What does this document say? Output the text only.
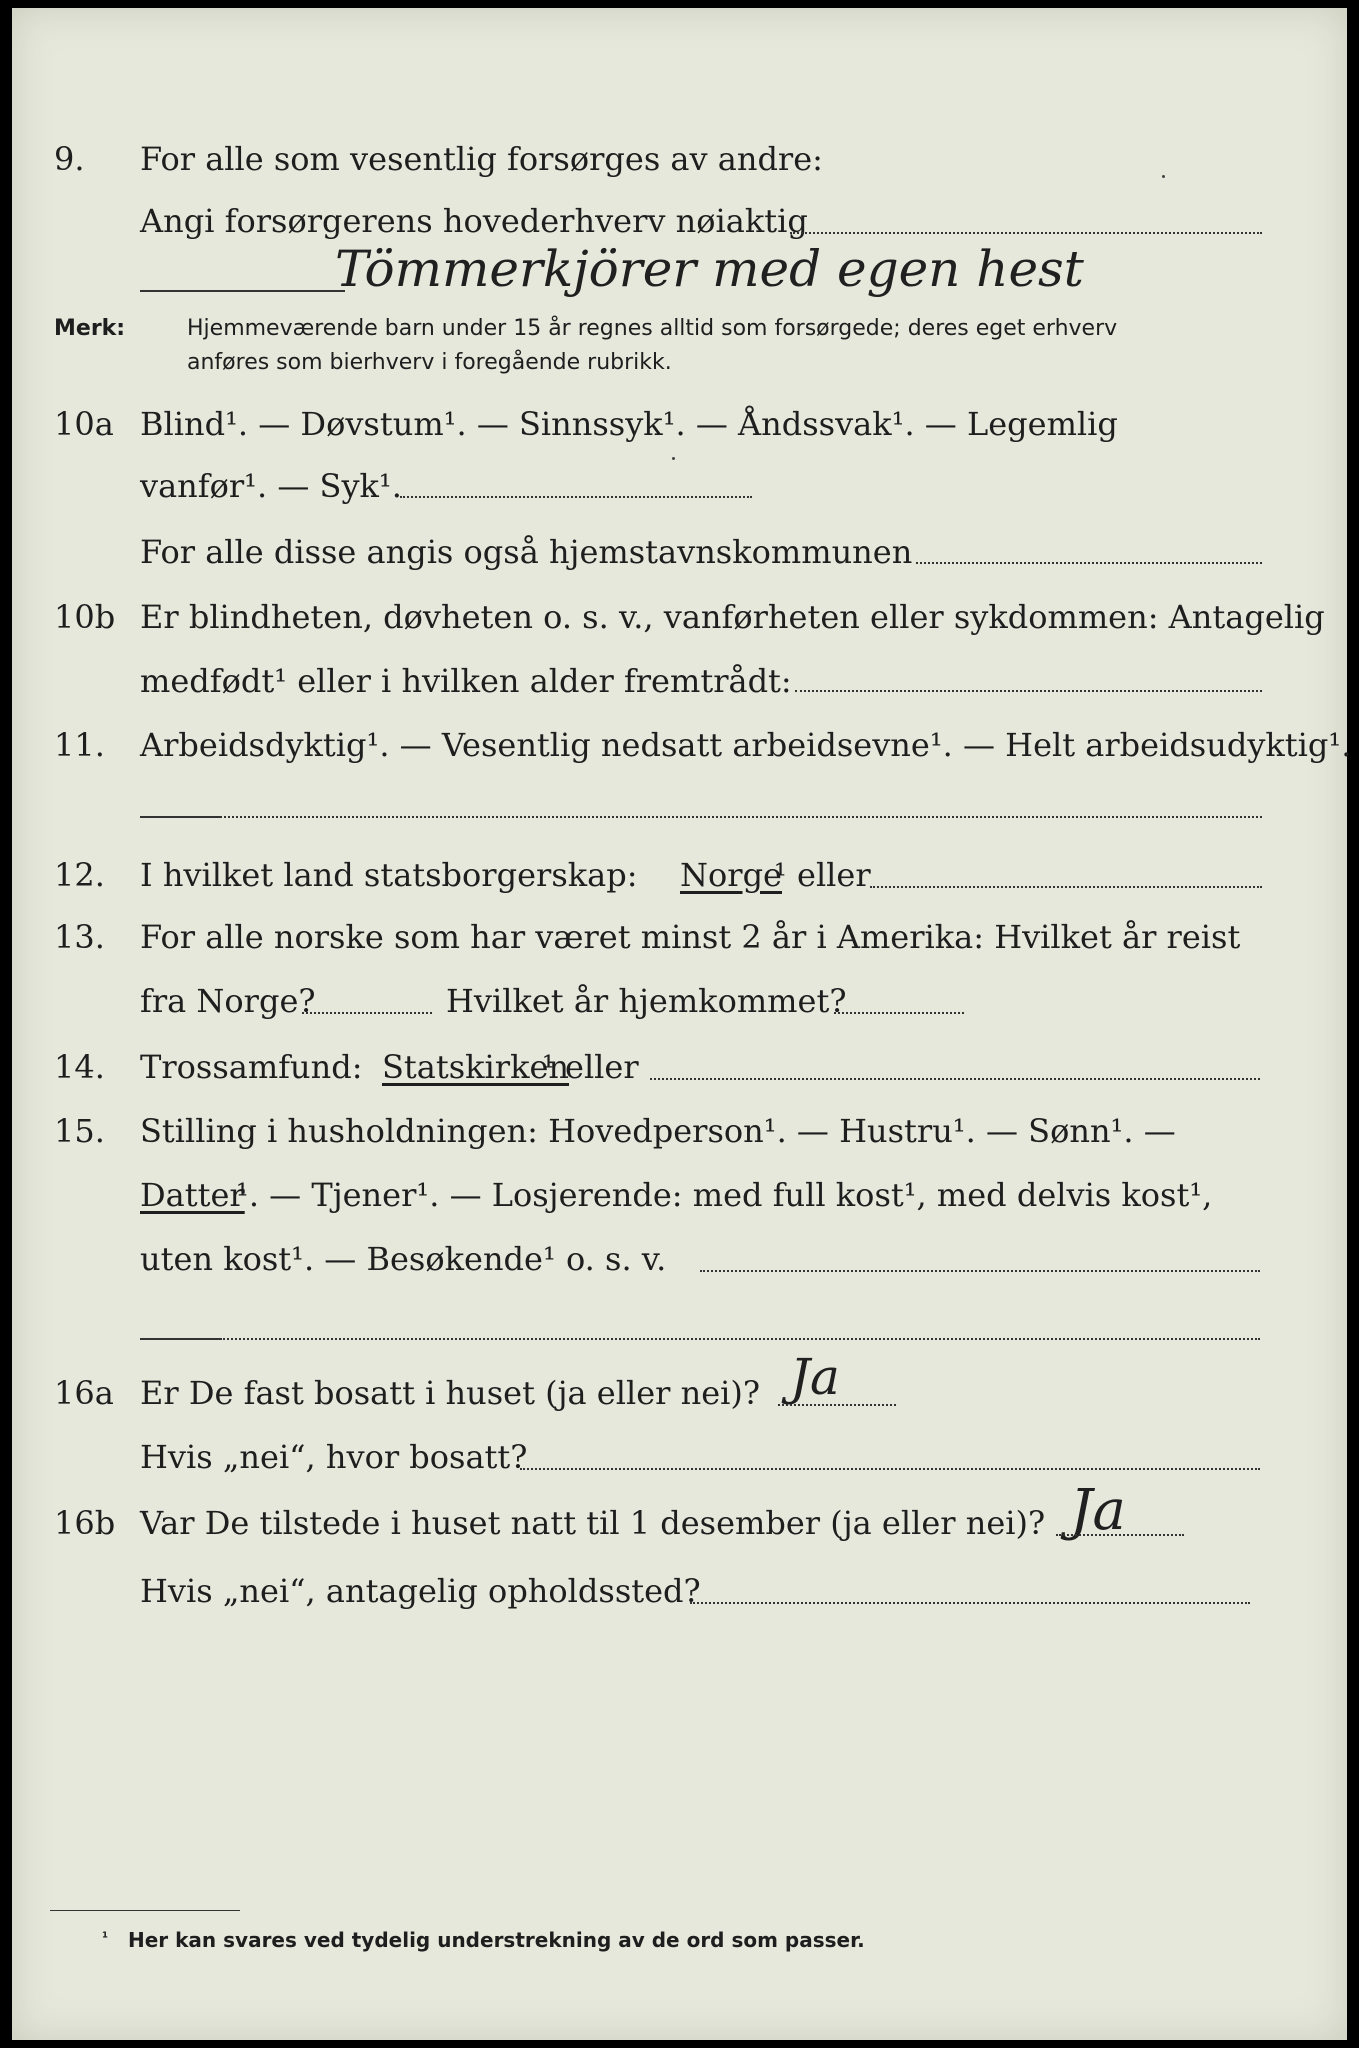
9. For alle som vesentlig forsørges av andre:
Angi forsørgerens hovederhverv nøiaktig
Tömmerkjörer med egen hest
Merk:	Hjemmeværende barn under 15 år regnes alltid som forsørgede; deres eget erhverv
anføres som bierhverv i foregående rubrikk.
10a Blind¹. — Døvstum¹. — Sinnssyk¹. — Åndssvak¹. — Legemlig
vanfør¹. — Syk¹.
For alle disse angis også hjemstavnskommunen
10b Er blindheten, døvheten o. s. v., vanførheten eller sykdommen: Antagelig
medfødt¹ eller i hvilken alder fremtrådt:
11. Arbeidsdyktig¹. — Vesentlig nedsatt arbeidsevne¹. — Helt arbeidsudyktig¹.
12. I hvilket land statsborgerskap: Norge
¹ eller
13. For alle norske som har været minst 2 år i Amerika: Hvilket år reist
fra Norge?	Hvilket år hjemkommet?
14. Trossamfund: Statskirken
¹ eller
15. Stilling i husholdningen: Hovedperson¹. — Hustru¹. — Sønn¹. —
Datter
¹. — Tjener¹. — Losjerende: med full kost¹, med delvis kost¹,
uten kost¹. — Besøkende¹ o. s. v.
16a Er De fast bosatt i huset (ja eller nei)? Ja
Hvis „nei“, hvor bosatt?
16b Var De tilstede i huset natt til 1 desember (ja eller nei)? Ja
Hvis „nei“, antagelig opholdssted?
¹ Her kan svares ved tydelig understrekning av de ord som passer.
